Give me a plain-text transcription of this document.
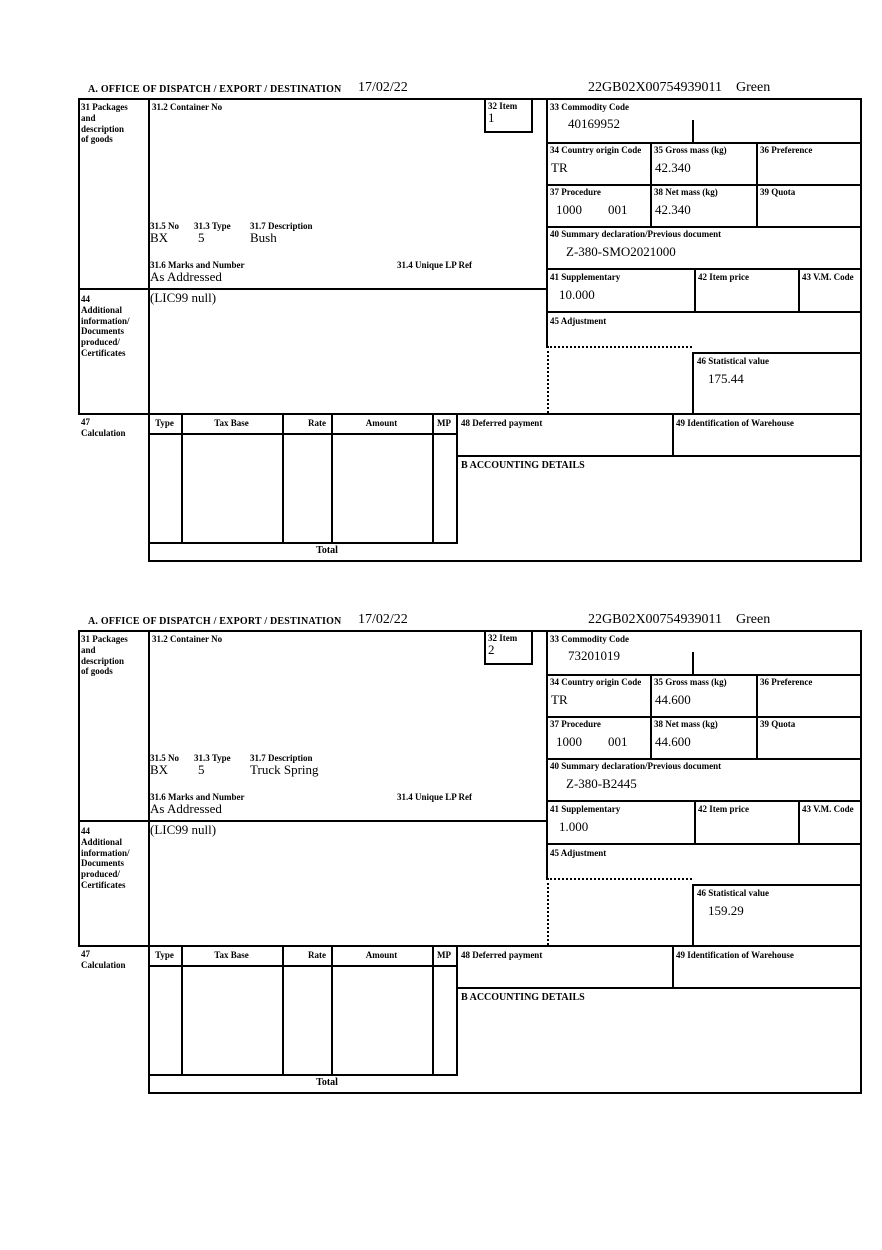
A. OFFICE OF DISPATCH / EXPORT / DESTINATION 17/02/22	22GB02X00754939011 Green
31 Packages and description of goods
44 Additional information/ Documents produced/ Certificates
47 Calculation
31.2 Container No	32 Item
1
31.5 No 31.3 Type 31.7 Description
BX 5	Bush
31.6 Marks and Number	31.4 Unique LP Ref
As Addressed
(LIC99 null)
33 Commodity Code
40169952
34 Country origin Code
TR
35 Gross mass (kg)
42.340
36 Preference
37 Procedure
1000 001
38 Net mass (kg)
42.340
39 Quota
40 Summary declaration/Previous document
Z-380-SMO2021000
41 Supplementary
10.000
42 Item price	43 V.M. Code
45 Adjustment
46 Statistical value
175.44
Type	Tax Base	Rate	Amount	MP
Total
48 Deferred payment	49 Identification of Warehouse
B ACCOUNTING DETAILS
A. OFFICE OF DISPATCH / EXPORT / DESTINATION 17/02/22	22GB02X00754939011 Green
31 Packages and description of goods
44 Additional information/ Documents produced/ Certificates
47 Calculation
31.2 Container No	32 Item
2
31.5 No 31.3 Type 31.7 Description
BX 5	Truck Spring
31.6 Marks and Number	31.4 Unique LP Ref
As Addressed
(LIC99 null)
33 Commodity Code
73201019
34 Country origin Code
TR
35 Gross mass (kg)
44.600
36 Preference
37 Procedure
1000 001
38 Net mass (kg)
44.600
39 Quota
40 Summary declaration/Previous document
Z-380-B2445
41 Supplementary
1.000
42 Item price	43 V.M. Code
45 Adjustment
46 Statistical value
159.29
Type	Tax Base	Rate	Amount	MP
Total
48 Deferred payment	49 Identification of Warehouse
B ACCOUNTING DETAILS
